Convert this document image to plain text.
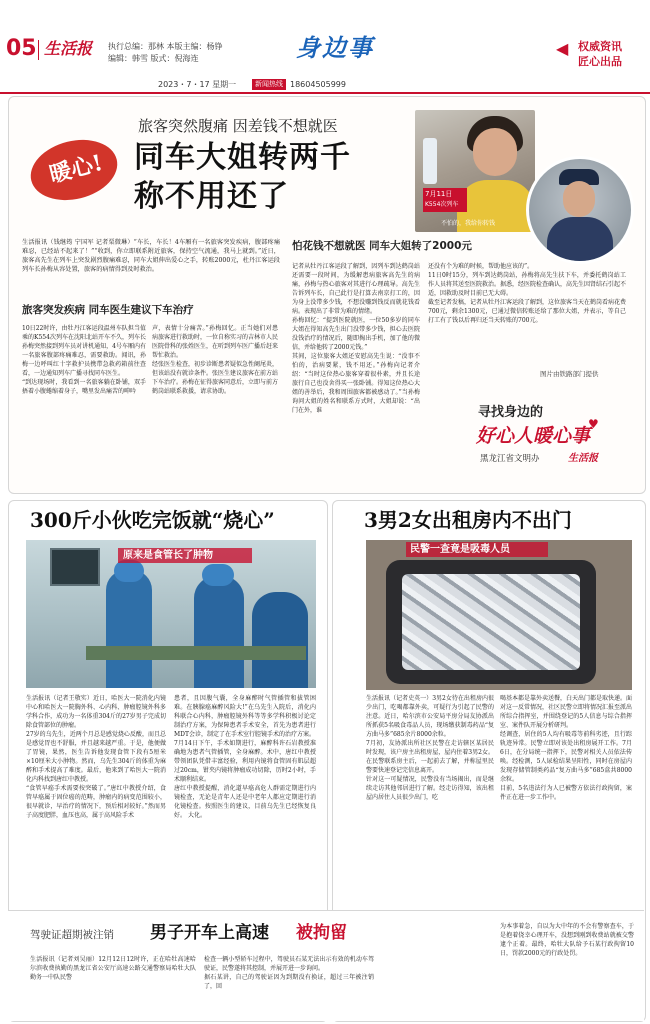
05 生活报 执行总编：那林 本版主编：杨铮
编辑：韩雪 版式：倪海连	身边事	◀ 权威资讯
匠心出品
2023・7・17 星期一	新闻热线 18604505999
旅客突然腹痛 因差钱不想就医
暖心! 同车大姐转两千
称不用还了	7月11日
K554次列车
不怕的，我给你转钱
生活报讯（钱继筠 宁国军 记者栗微琳）“车长，车长！4车厢有一名旅客突发疾病，腹部疼痛难忍，已经站不起来了！”“收到，你立即联系附近旅客，保持空气流通，我马上就到。”近日，旅客高先生在列车上突发剧烈腹痛难忍，同车大姐伸出爱心之手，转账2000元，杜丹江客运段列车长孙梅从容处置，旅客的病情得到及时救治。
旅客突发疾病 同车医生建议下车治疗
10日22时许，由牡丹江客运段温州车队担当值乘的K554次列车在沈阳北站开车不久，列车长孙梅突然接到列车员对讲机通知，4号车厢内有一名旅客腹部疼痛难忍，需要救助。闻讯，孙梅一边呼叫红十字救护员携带急救药箱前往查看，一边通知列车广播寻找同车医生。
“到达现场时，我看到一名旅客躺在卧铺，双手捂着小腹蜷缩着身子，嘴里发出痛苦的呻吟
声，表情十分痛苦。”孙梅回忆。正当她们对患病旅客进行救助时，一位自称实习的吉林市人民医院骨科的张姓医生，在听到列车医广播后赶来帮忙救治。
经张医生检查，初步诊断患者疑似急性阑尾炎，但该站没有就诊条件。张医生建议旅客在前方站下车治疗。孙梅在征得旅客同意后，立即与前方鹤岗站联系救援，请求协助。
怕花钱不想就医 同车大姐转了2000元
记者从牡丹江客运段了解到，因列车到达鹤岗站还需要一段时间，为缓解患病旅客高先生的病痛，孙梅与热心旅客对其进行心理疏导。高先生告诉列车长，自己此行是打算去南京打工的，因为身上没带多少钱，不想没赚到钱反而就花钱看病。表现出了非常为难的情绪。
孙梅回忆：“提到医院就医，一位50多岁的同车大姐在得知高先生出门没带多少钱，担心去医院没钱治疗的情况后，随即掏出手机，加了他的微信，并给他转了2000元钱。”
其间，这位旅客大姐还安慰高先生说：“没事不怕的，治病要紧，钱不用还。”孙梅向记者介绍：“当时这位热心旅客穿着很朴素，并且长途旅行自己也没舍得买一张卧铺。得知这位热心大姐的善举后，我和周围旅客都被感动了。”当孙梅询问大姐的姓名和联系方式时，大姐却说：“出门在外，谁
还没有个为难的时候，帮助他应该的”。
11日0时15分，列车到达鹤岗站，孙梅将高先生扶下车，并委托鹤岗站工作人员将其送至医院救治。据悉，经医院检查确认，高先生因肾结石引起不适，因救助及时目前已无大碍。
截至记者发稿，记者从牡丹江客运段了解到，这位旅客当天在鹤岗看病花费700元，剩余1300元，已通过微信转账还给了那位大姐，并表示，等自己打工有了钱以后再归还当天转账的700元。
图片由铁路部门提供
寻找身边的
好心人暖心事
♥
黑龙江省文明办	生活报
300斤小伙吃完饭就“烧心”
原来是食管长了肿物
生活报讯（记者王敬实）近日，哈医大一院消化内镜中心和哈医大一院胸外科、心内科、肿瘤腔镜外科多学科合作，成功为一名体重304斤的27岁男子完成切除食管部位的肿瘤。
27岁的乌先生，近两个月总是感觉烧心反酸，而且总是感觉胃也不舒服，并且越来越严重。于是，他便做了胃镜，果然，医生告诉他发现食管下段有5厘米×10厘米大小肿物。然而，乌先生304斤的体重为麻醉和手术提高了难度。最后，他来到了哈医大一院消化内科找到唐红中教授。
“食管早癌手术需要按突破了。”唐红中教授介绍，食管早癌属于固位癌的范畴，肿瘤内的病变范围较小，很早就诊，早治疗的情况下，预后相对较好。”然而男子高度肥胖，血压也高，属于高风险手术
患者，且因腹气囊，全身麻醉时气管插管和拔管困难。在胰腺癌麻醉风险大!”在乌先生入院后，消化内科联合心内科，肿瘤腔镜外科等等多学科积极讨论定制治疗方案，为保障患者手术安全，首先为患者进行MDT会诊，制定了在手术室行腔镜手术的治疗方案。
7月14日下午，手术如期进行，麻醉科许石岩教授准确地为患者气管插管，全身麻醉。术中，唐红中教授带领团队凭借丰富经验，利用内镜将食管固有肌层超过20cm，钳夹内镜将肿瘤成功切除，历时2小时，手术顺利结束。
唐红中教授提醒，消化道早癌高危人群需定期进行内镜检查，无论是青年人还是中老年人都应定期进行消化镜检查。按照医生的建议，目前乌先生已经恢复良好。 大化。
3男2女出租房内不出门
民警一查竟是吸毒人员
生活报讯（记者史英一）3男2女待在出租房内很少出门，吃喝都靠外卖，可疑行为引起了民警的注意。近日，哈尔滨市公安局平房分局友协派出所抓获5名吸食毒品人员，现场缴获制毒药品“复方曲马多”685余片8000余粒。
7月初，友协派出所社区民警在走访辖区某居民时发现，该户房主出租房屋，屋内住着3男2女。在民警联系房主后，一起前去了解，并称屋里民警要快速登记完信息离开。
针对这一可疑情况，民警没有当场揭出，而是继续走访其他邻居进行了解。经走访得知，该出租屋内居住人员很少出门，吃
喝基本都是靠外卖送餐，白天出门都是取快递。面对这一反常情况，社区民警立即将情况汇报至派出所综合指挥室，并围绕登记的5人信息与综合指挥室、案件队开展分析研判。
经调查，居住的5人均有吸毒等前科劣迹，且行踪轨迹异常。民警立即对该处出租房展开工作。7月6日，在分局统一指挥下，民警对相关人员依法传唤。经检测，5人尿检结果呈阳性，同时在房屋内发现存储管制类药品“复方曲马多”685盒共8000余粒。
目前，5名违法行为人已被警方依法行政拘留，案件正在进一步工作中。
驾驶证超期被注销 男子开车上高速 被拘留
生活报讯（记者刘吴丽）12月12日12时许，正在哈牡高速哈尔滨收费执勤的黑龙江省公安厅高速公路交通警察局哈牡大队勤务一中队民警
检查一辆小型轿车过程中，驾驶员石某无法出示有效的机动车驾驶证，民警遂将其控制，并展开进一步询问。
据石某讲，自己的驾驶证因为到期没有换证，超过三年被注销了，回
为本事着急，自以为大中年的不会有警察查车，于是抱着侥幸心理开车，没想到刚到收费站就被交警逮个正着。最终，哈牡大队给予石某行政拘留10日，罚款2000元的行政处罚。
